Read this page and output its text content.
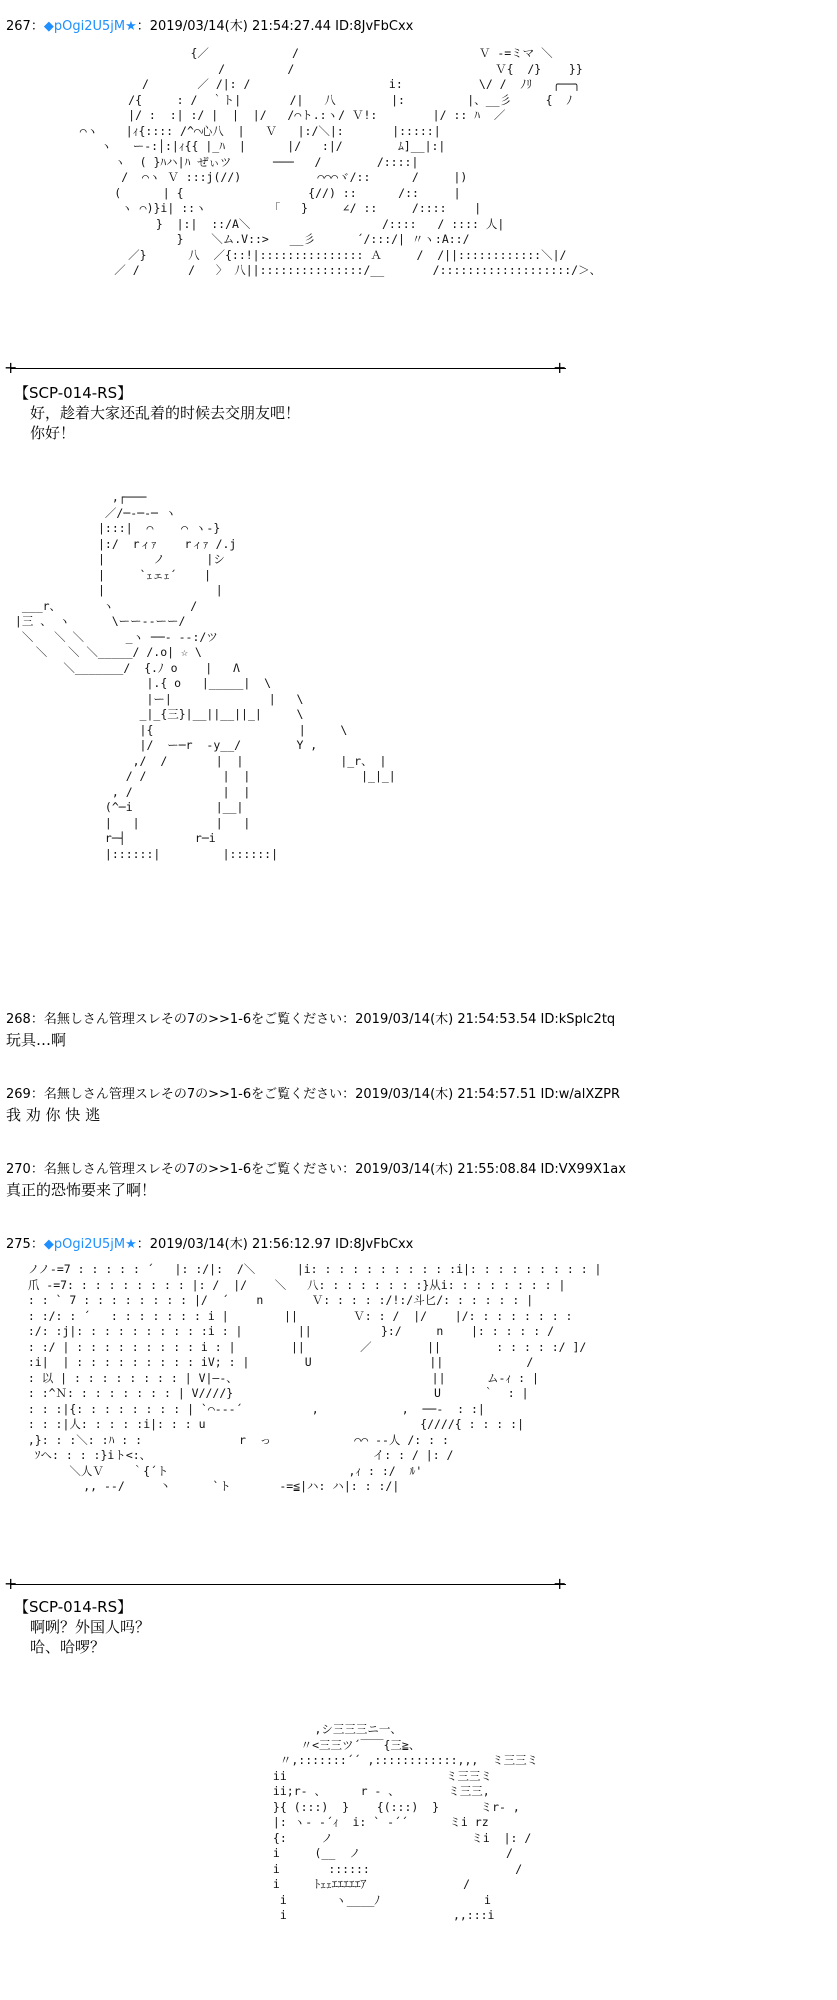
267：◆pOgi2U5jM★：2019/03/14(木) 21:54:27.44 ID:8JvFbCxx
{／            /                          Ｖ -=ミマ ＼
/         /                             Ｖ{  /}    }}
/       ／ /|: /                    i:           \/ /  ﾉﾘ   ╭──╮
/{     : /  ｀ト|       /|   八        |:         |、__彡     {  ﾉ
|/ :  :| :/ |  |  |/   /⌒ト.:ヽ/ Ｖ!:        |/ :: ﾊ  ／
⌒ヽ    |ｨ{:::: /^⌒心八  |   Ｖ   |:/＼|:       |:::::|
ヽ   ー-:│:|ｨ{{ |_ﾊ  |      |/   :|/        ﾑ]__|:|
ヽ  ( }ﾊハ|ﾊ ぜぃツ      ───   /        /::::|
/  ⌒ヽ Ｖ :::j(//)           ⌒⌒⌒ヾ/::      /     |)
(      | {                  {//) ::      /::     |
ヽ ⌒)}i| ::ヽ         「   }     ∠/ ::     /::::    |
}  |:|  ::/A＼                   /::::   / :::: 人|
}    ＼ム.V::>   __彡      ´/:::/| 〃ヽ:A::/
／}      八  ／{::!|::::::::::::::: Ａ     /  /||::::::::::::＼|/
／ /       /   〉 八||:::::::::::::::/__       /:::::::::::::::::::/＞、
+	+
【SCP-014-RS】
好，趁着大家还乱着的时候去交朋友吧！
你好！
,┌───
／/─-─-─ ヽ
|:::|  ⌒    ⌒ ヽ-}
|:/  rィｧ    rィｧ /.j
|       ノ      |シ
|     `ｪェｪ´    |
|                |
___r、      ヽ           /
|三 、 ヽ      \ーー--ーー/
＼   ＼ ＼      _ヽ ──- ‐-:/ツ
＼   ＼ ＼_____/ /.o| ☆ \
＼_______/  {.ﾉ o    |   Λ
|.{ o   |_____|  \
|ー|              |   \
_|_{三}|__||__||_|     \
|{                     |     \
|/  ー─r  -y__/        Y ,
,/  /       |  |              |_r、 |
/ /           |  |                |_|_|
, /             |  |
(^─i            |__|
|   |           |   |
r─┤          r─i
|::::::|         |::::::|
268：名無しさん管理スレその7の>>1-6をご覧ください：2019/03/14(木) 21:54:53.54 ID:kSplc2tq
玩具…啊
269：名無しさん管理スレその7の>>1-6をご覧ください：2019/03/14(木) 21:54:57.51 ID:w/alXZPR
我 劝 你 快 逃
270：名無しさん管理スレその7の>>1-6をご覧ください：2019/03/14(木) 21:55:08.84 ID:VX99X1ax
真正的恐怖要来了啊！
275：◆pOgi2U5jM★：2019/03/14(木) 21:56:12.97 ID:8JvFbCxx
ノノ-=7 : : : : : ´   |: :/|:  /＼      |i: : : : : : : : : : :i|: : : : : : : : : |
爪 -=7: : : : : : : : : |: /  |/    ＼   八: : : : : : : :}从i: : : : : : : : |
: : ` 7 : : : : : : : : |/  ´    n       Ｖ: : : : :/!:/斗匕/: : : : : : |
: :/: : ´   : : : : : : : i |        ||        Ｖ: : /  |/    |/: : : : : : : :
:/: :j|: : : : : : : : : :i : |        ||          }:/     n    |: : : : : /
: :/ | : : : : : : : : : i : |        ||        ／        ||        : : : : :/ ]/
:i|  | : : : : : : : : : iV; : |        U                 ||            /
: 以 | : : : : : : : : | V|―-、                            ||      ム-ｨ : |
: :^Ｎ: : : : : : : : | V////}                             U      ｀  : |
: : :|{: : : : : : : : | `⌒-‐-´          ,            ,  ──-  : :|
: : :|人: : : : :i|: : : u                               {////{ : : : :|
,}: : :＼: :ﾊ : :              r  っ            ⌒⌒ --人 /: : :
ｿへ: : : :}iト<:、                                イ: : / |: /
＼人Ｖ    ｀{´ト                          ,ｨ : :/  ﾙ'
,, --/     丶      `ト       -=≦|ハ: ハ|: : :/|
+	+
【SCP-014-RS】
啊咧？外国人吗？
哈、哈啰？
,シ三三三ニ一、
〃<三三ツ´￣￣{三≧、
〃,:::::::´´ ,::::::::::::,,,  ミ三三ミ
ii                       ミ三三ミ
ii;r‐ 、     r ‐ 、       ミ三三,
}{ (:::)  }    {(:::)  }      ミr‐ ,
|: ヽ- ‐´ｨ  i: ` ‐´´      ミi rz
{:     ノ                    ミi  |: /
i     (__  ノ                     /
i       ::::::                     /
i     ﾄｪｪｴｴｴｴｴｱ              /
i       ヽ____ﾉ               i
i                        ,,:::i
